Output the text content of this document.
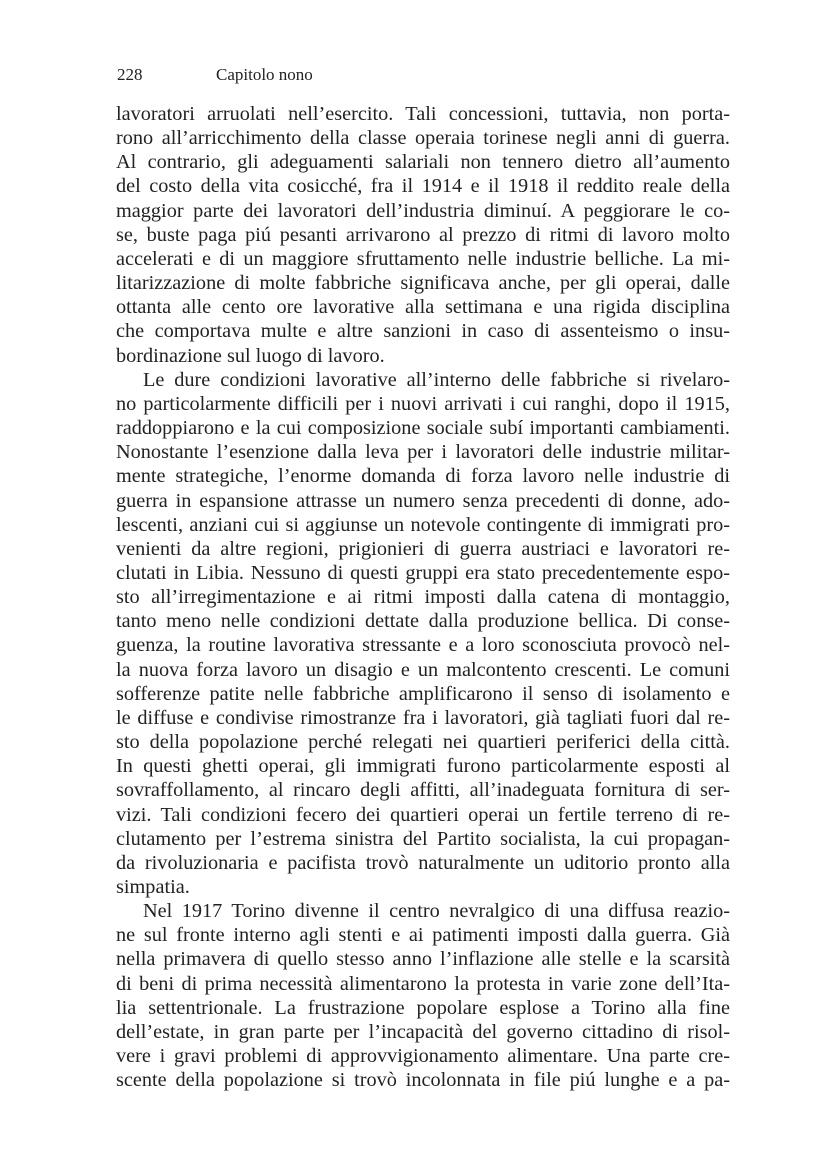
228	Capitolo nono
lavoratori arruolati nell’esercito. Tali concessioni, tuttavia, non porta-
rono all’arricchimento della classe operaia torinese negli anni di guerra.
Al contrario, gli adeguamenti salariali non tennero dietro all’aumento
del costo della vita cosicché, fra il 1914 e il 1918 il reddito reale della
maggior parte dei lavoratori dell’industria diminuí. A peggiorare le co-
se, buste paga piú pesanti arrivarono al prezzo di ritmi di lavoro molto
accelerati e di un maggiore sfruttamento nelle industrie belliche. La mi-
litarizzazione di molte fabbriche significava anche, per gli operai, dalle
ottanta alle cento ore lavorative alla settimana e una rigida disciplina
che comportava multe e altre sanzioni in caso di assenteismo o insu-
bordinazione sul luogo di lavoro.
Le dure condizioni lavorative all’interno delle fabbriche si rivelaro-
no particolarmente difficili per i nuovi arrivati i cui ranghi, dopo il 1915,
raddoppiarono e la cui composizione sociale subí importanti cambiamenti.
Nonostante l’esenzione dalla leva per i lavoratori delle industrie militar-
mente strategiche, l’enorme domanda di forza lavoro nelle industrie di
guerra in espansione attrasse un numero senza precedenti di donne, ado-
lescenti, anziani cui si aggiunse un notevole contingente di immigrati pro-
venienti da altre regioni, prigionieri di guerra austriaci e lavoratori re-
clutati in Libia. Nessuno di questi gruppi era stato precedentemente espo-
sto all’irregimentazione e ai ritmi imposti dalla catena di montaggio,
tanto meno nelle condizioni dettate dalla produzione bellica. Di conse-
guenza, la routine lavorativa stressante e a loro sconosciuta provocò nel-
la nuova forza lavoro un disagio e un malcontento crescenti. Le comuni
sofferenze patite nelle fabbriche amplificarono il senso di isolamento e
le diffuse e condivise rimostranze fra i lavoratori, già tagliati fuori dal re-
sto della popolazione perché relegati nei quartieri periferici della città.
In questi ghetti operai, gli immigrati furono particolarmente esposti al
sovraffollamento, al rincaro degli affitti, all’inadeguata fornitura di ser-
vizi. Tali condizioni fecero dei quartieri operai un fertile terreno di re-
clutamento per l’estrema sinistra del Partito socialista, la cui propagan-
da rivoluzionaria e pacifista trovò naturalmente un uditorio pronto alla
simpatia.
Nel 1917 Torino divenne il centro nevralgico di una diffusa reazio-
ne sul fronte interno agli stenti e ai patimenti imposti dalla guerra. Già
nella primavera di quello stesso anno l’inflazione alle stelle e la scarsità
di beni di prima necessità alimentarono la protesta in varie zone dell’Ita-
lia settentrionale. La frustrazione popolare esplose a Torino alla fine
dell’estate, in gran parte per l’incapacità del governo cittadino di risol-
vere i gravi problemi di approvvigionamento alimentare. Una parte cre-
scente della popolazione si trovò incolonnata in file piú lunghe e a pa-
